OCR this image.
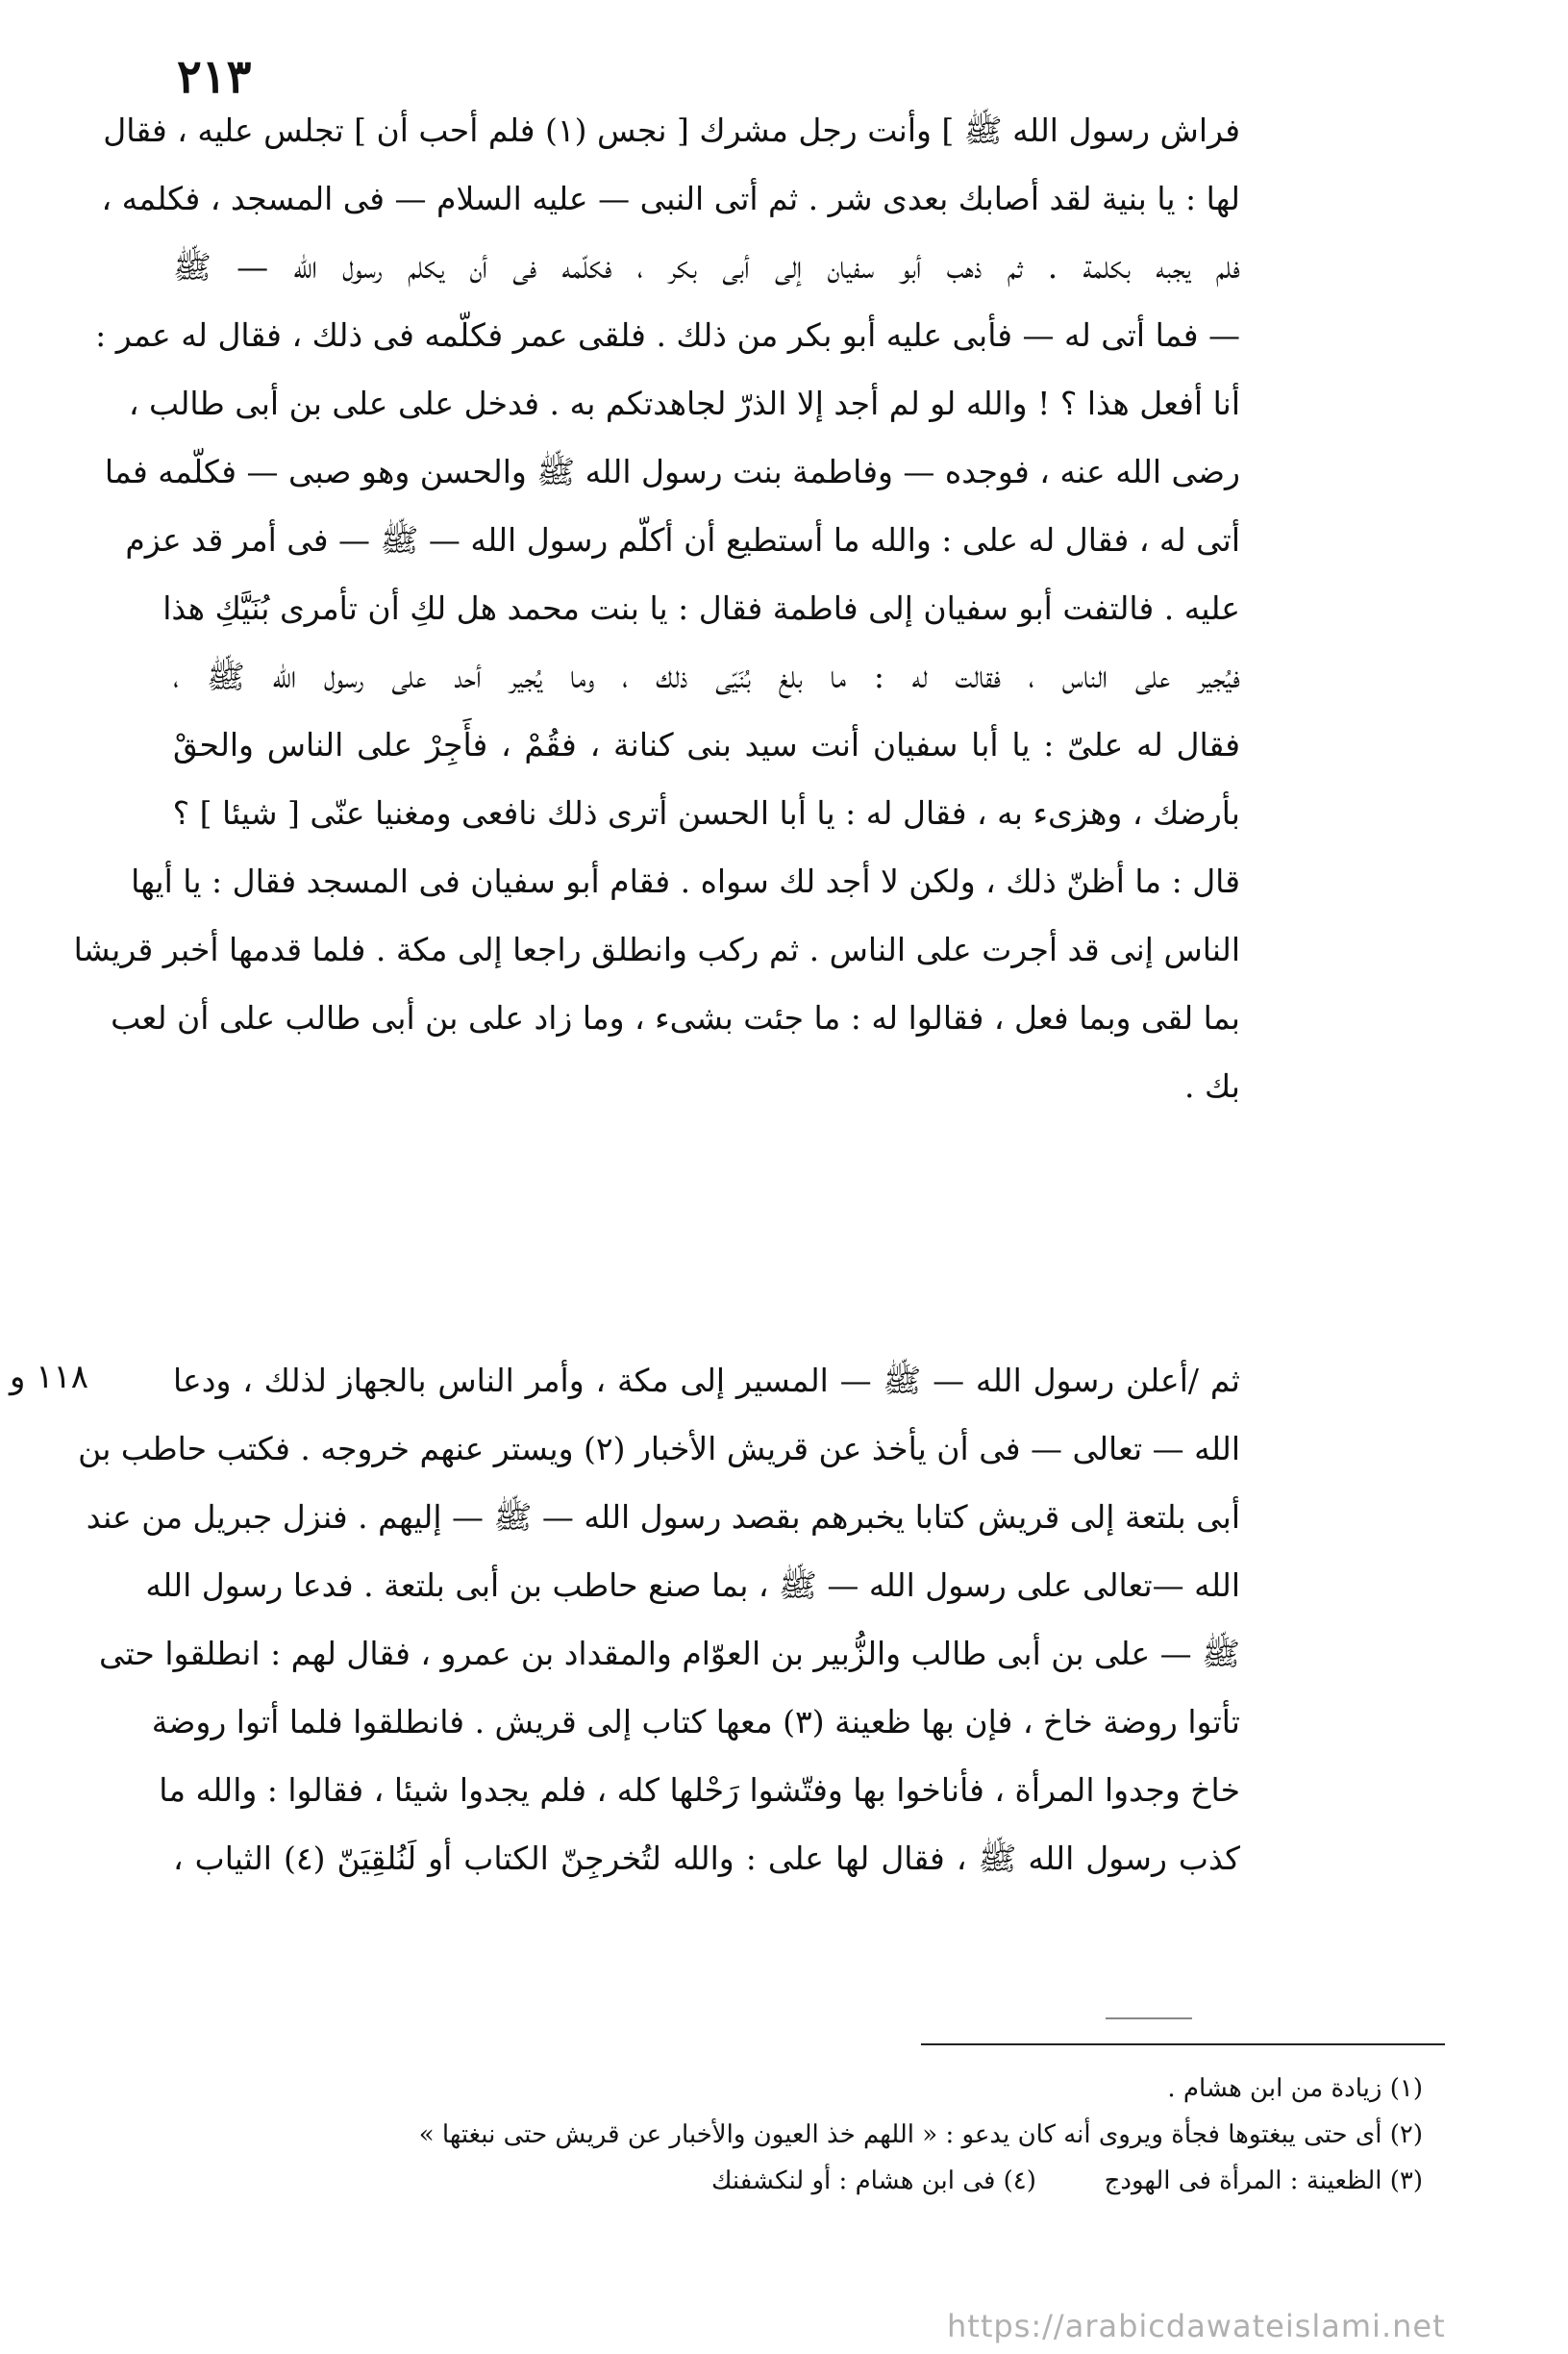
٢١٣
فراش رسول الله ﷺ ] وأنت رجل مشرك [ نجس (١) فلم أحب أن ] تجلس عليه ، فقال
لها : يا بنية لقد أصابك بعدى شر . ثم أتى النبى — عليه السلام — فى المسجد ، فكلمه ،
فلم يجبه بكلمة . ثم ذهب أبو سفيان إلى أبى بكر ، فكلّمه فى أن يكلم رسول الله — ﷺ
— فما أتى له — فأبى عليه أبو بكر من ذلك . فلقى عمر فكلّمه فى ذلك ، فقال له عمر :
أنا أفعل هذا ؟ ! والله لو لم أجد إلا الذرّ لجاهدتكم به . فدخل على على بن أبى طالب ،
رضى الله عنه ، فوجده — وفاطمة بنت رسول الله ﷺ والحسن وهو صبى — فكلّمه فما
أتى له ، فقال له على : والله ما أستطيع أن أكلّم رسول الله — ﷺ — فى أمر قد عزم
عليه . فالتفت أبو سفيان إلى فاطمة فقال : يا بنت محمد هل لكِ أن تأمرى بُنَيَّكِ هذا
فيُجير على الناس ، فقالت له : ما بلغ بُنَيّى ذلك ، وما يُجير أحد على رسول الله ﷺ ،
فقال له علىّ : يا أبا سفيان أنت سيد بنى كنانة ، فقُمْ ، فأَجِرْ على الناس والحقْ
بأرضك ، وهزىء به ، فقال له : يا أبا الحسن أترى ذلك نافعى ومغنيا عنّى [ شيئا ] ؟
قال : ما أظنّ ذلك ، ولكن لا أجد لك سواه . فقام أبو سفيان فى المسجد فقال : يا أيها
الناس إنى قد أجرت على الناس . ثم ركب وانطلق راجعا إلى مكة . فلما قدمها أخبر قريشا
بما لقى وبما فعل ، فقالوا له : ما جئت بشىء ، وما زاد على بن أبى طالب على أن لعب
بك .
١١٨ و	ثم /أعلن رسول الله — ﷺ — المسير إلى مكة ، وأمر الناس بالجهاز لذلك ، ودعا
الله — تعالى — فى أن يأخذ عن قريش الأخبار (٢) ويستر عنهم خروجه . فكتب حاطب بن
أبى بلتعة إلى قريش كتابا يخبرهم بقصد رسول الله — ﷺ — إليهم . فنزل جبريل من عند
الله —تعالى على رسول الله — ﷺ ، بما صنع حاطب بن أبى بلتعة . فدعا رسول الله
ﷺ — على بن أبى طالب والزُّبير بن العوّام والمقداد بن عمرو ، فقال لهم : انطلقوا حتى
تأتوا روضة خاخ ، فإن بها ظعينة (٣) معها كتاب إلى قريش . فانطلقوا فلما أتوا روضة
خاخ وجدوا المرأة ، فأناخوا بها وفتّشوا رَحْلها كله ، فلم يجدوا شيئا ، فقالوا : والله ما
كذب رسول الله ﷺ ، فقال لها على : والله لتُخرجِنّ الكتاب أو لَنُلقِيَنّ (٤) الثياب ،
(١) زيادة من ابن هشام .
(٢) أى حتى يبغتوها فجأة ويروى أنه كان يدعو : « اللهم خذ العيون والأخبار عن قريش حتى نبغتها »
(٣) الظعينة : المرأة فى الهودج
(٤) فى ابن هشام : أو لنكشفنك
https://arabicdawateislami.net
